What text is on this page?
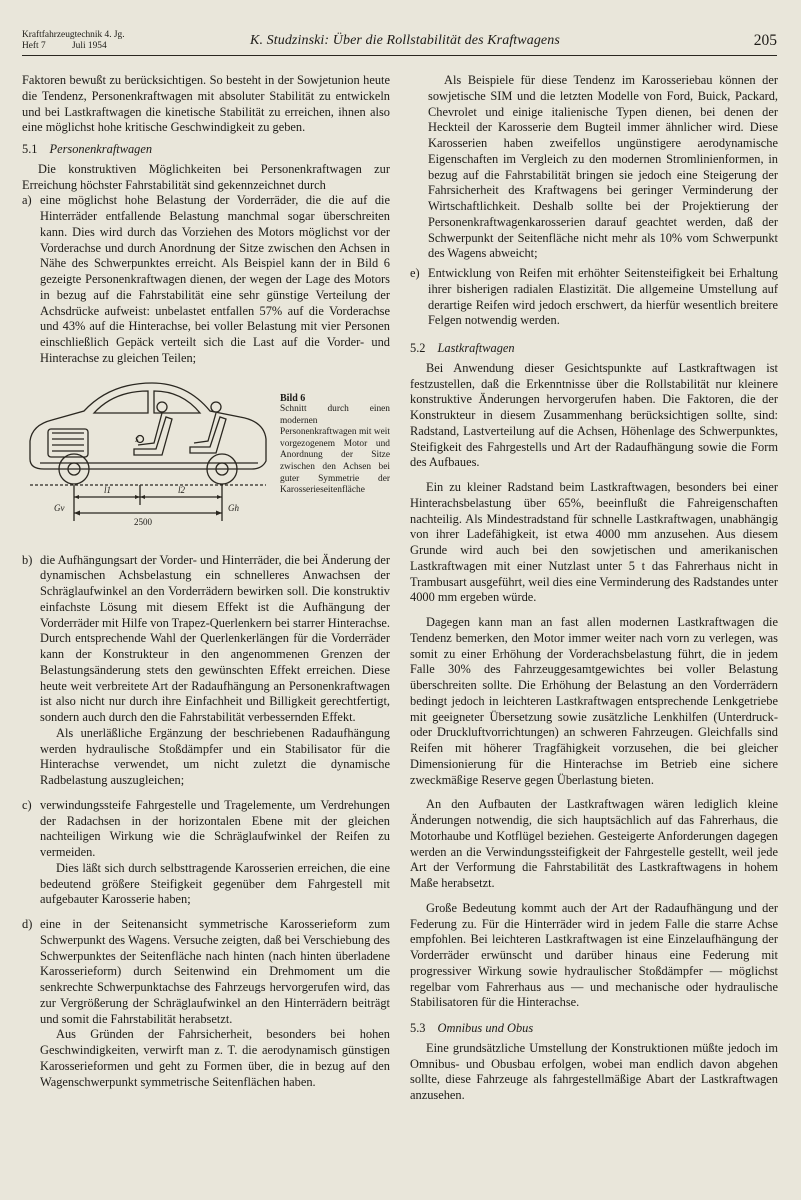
Kraftfahrzeugtechnik 4. Jg.
Heft 7	Juli 1954	K. Studzinski: Über die Rollstabilität des Kraftwagens	205

Faktoren bewußt zu berücksichtigen. So besteht in der Sowjetunion heute die Tendenz, Personenkraftwagen mit absoluter Stabilität zu entwickeln und bei Lastkraftwagen die kinetische Stabilität zu erreichen, ihnen also eine möglichst hohe kritische Geschwindigkeit zu geben.

5.1 Personenkraftwagen

Die konstruktiven Möglichkeiten bei Personenkraftwagen zur Erreichung höchster Fahrstabilität sind gekennzeichnet durch

a) eine möglichst hohe Belastung der Vorderräder, die die auf die Hinterräder entfallende Belastung manchmal sogar überschreiten kann. Dies wird durch das Vorziehen des Motors möglichst vor der Vorderachse und durch Anordnung der Sitze zwischen den Achsen in Nähe des Schwerpunktes erreicht. Als Beispiel kann der in Bild 6 gezeigte Personenkraftwagen dienen, der wegen der Lage des Motors in bezug auf die Fahrstabilität eine sehr günstige Verteilung der Achsdrücke aufweist: unbelastet entfallen 57% auf die Vorderachse und 43% auf die Hinterachse, bei voller Belastung mit vier Personen einschließlich Gepäck verteilt sich die Last auf die Vorder- und Hinterachse zu gleichen Teilen;
Gv	Gh
l1	l2
S
2500
Bild 6
Schnitt durch einen modernen Personenkraftwagen mit weit vorgezogenem Motor und Anordnung der Sitze zwischen den Achsen bei guter Symmetrie der Karosserieseitenfläche
b) die Aufhängungsart der Vorder- und Hinterräder, die bei Änderung der dynamischen Achsbelastung ein schnelleres Anwachsen der Schräglaufwinkel an den Vorderrädern bewirken soll. Die konstruktiv einfachste Lösung mit diesem Effekt ist die Aufhängung der Vorderräder mit Hilfe von Trapez-Querlenkern bei starrer Hinterachse. Durch entsprechende Wahl der Querlenkerlängen für die Vorderräder kann der Konstrukteur in den angenommenen Grenzen der Belastungsänderung stets den gewünschten Effekt erreichen. Diese heute weit verbreitete Art der Radaufhängung an Personenkraftwagen ist also nicht nur durch ihre Einfachheit und Billigkeit gerechtfertigt, sondern auch durch den die Fahrstabilität verbessernden Effekt.

Als unerläßliche Ergänzung der beschriebenen Radaufhängung werden hydraulische Stoßdämpfer und ein Stabilisator für die Hinterachse verwendet, um nicht zuletzt die dynamische Radbelastung auszugleichen;

c) verwindungssteife Fahrgestelle und Tragelemente, um Verdrehungen der Radachsen in der horizontalen Ebene mit der gleichen nachteiligen Wirkung wie die Schräglaufwinkel der Reifen zu vermeiden.

Dies läßt sich durch selbsttragende Karosserien erreichen, die eine bedeutend größere Steifigkeit gegenüber dem Fahrgestell mit aufgebauter Karosserie haben;

d) eine in der Seitenansicht symmetrische Karosserieform zum Schwerpunkt des Wagens. Versuche zeigten, daß bei Verschiebung des Schwerpunktes der Seitenfläche nach hinten (nach hinten überladene Karosserieform) durch Seitenwind ein Drehmoment um die senkrechte Schwerpunktachse des Fahrzeugs hervorgerufen wird, das zur Vergrößerung der Schräglaufwinkel an den Hinterrädern beiträgt und somit die Fahrstabilität herabsetzt.

Aus Gründen der Fahrsicherheit, besonders bei hohen Geschwindigkeiten, verwirft man z. T. die aerodynamisch günstigen Karosserieformen und geht zu Formen über, die in bezug auf den Wagenschwerpunkt symmetrische Seitenflächen haben.

Als Beispiele für diese Tendenz im Karosseriebau können der sowjetische SIM und die letzten Modelle von Ford, Buick, Packard, Chevrolet und einige italienische Typen dienen, bei denen der Heckteil der Karosserie dem Bugteil immer ähnlicher wird. Diese Karosserien haben zweifellos ungünstigere aerodynamische Eigenschaften im Vergleich zu den modernen Stromlinienformen, in bezug auf die Fahrstabilität bringen sie jedoch eine Steigerung der Fahrsicherheit des Kraftwagens bei geringer Verminderung der Wirtschaftlichkeit. Deshalb sollte bei der Projektierung der Personenkraftwagenkarosserien darauf geachtet werden, daß der Schwerpunkt der Seitenfläche nicht mehr als 10% vom Schwerpunkt des Wagens abweicht;

e) Entwicklung von Reifen mit erhöhter Seitensteifigkeit bei Erhaltung ihrer bisherigen radialen Elastizität. Die allgemeine Umstellung auf derartige Reifen wird jedoch erschwert, da hierfür wesentlich breitere Felgen notwendig werden.
5.2 Lastkraftwagen

Bei Anwendung dieser Gesichtspunkte auf Lastkraftwagen ist festzustellen, daß die Erkenntnisse über die Rollstabilität nur kleinere konstruktive Änderungen hervorgerufen haben. Die Faktoren, die der Konstrukteur in diesem Zusammenhang berücksichtigen sollte, sind: Radstand, Lastverteilung auf die Achsen, Höhenlage des Schwerpunktes, Steifigkeit des Fahrgestells und Art der Radaufhängung sowie die Form des Aufbaues.

Ein zu kleiner Radstand beim Lastkraftwagen, besonders bei einer Hinterachsbelastung über 65%, beeinflußt die Fahreigenschaften nachteilig. Als Mindestradstand für schnelle Lastkraftwagen, unabhängig von ihrer Ladefähigkeit, ist etwa 4000 mm anzusehen. Aus diesem Grunde wird auch bei den sowjetischen und amerikanischen Lastkraftwagen mit einer Nutzlast unter 5 t das Fahrerhaus nicht in Trambusart ausgeführt, weil dies eine Verminderung des Radstandes unter 4000 mm ergeben würde.

Dagegen kann man an fast allen modernen Lastkraftwagen die Tendenz bemerken, den Motor immer weiter nach vorn zu verlegen, was somit zu einer Erhöhung der Vorderachsbelastung führt, die in jedem Falle 30% des Fahrzeuggesamtgewichtes bei voller Belastung überschreiten sollte. Die Erhöhung der Belastung an den Vorderrädern bedingt jedoch in leichteren Lastkraftwagen entsprechende Lenkgetriebe mit geeigneter Übersetzung sowie zusätzliche Lenkhilfen (Unterdruck- oder Druckluftvorrichtungen) an schweren Fahrzeugen. Gleichfalls sind Reifen mit höherer Tragfähigkeit vorzusehen, die bei gleicher Dimensionierung für die Hinterachse im Betrieb eine sichere zweckmäßige Reserve gegen Überlastung bieten.

An den Aufbauten der Lastkraftwagen wären lediglich kleine Änderungen notwendig, die sich hauptsächlich auf das Fahrerhaus, die Motorhaube und Kotflügel beziehen. Gesteigerte Anforderungen dagegen werden an die Verwindungssteifigkeit der Fahrgestelle gestellt, weil jede Art der Verformung die Fahrstabilität des Lastkraftwagens in hohem Maße herabsetzt.

Große Bedeutung kommt auch der Art der Radaufhängung und der Federung zu. Für die Hinterräder wird in jedem Falle die starre Achse empfohlen. Bei leichteren Lastkraftwagen ist eine Einzelaufhängung der Vorderräder erwünscht und darüber hinaus eine Federung mit progressiver Wirkung sowie hydraulischer Stoßdämpfer — möglichst regelbar vom Fahrerhaus aus — und mechanische oder hydraulische Stabilisatoren für die Hinterachse.

5.3 Omnibus und Obus

Eine grundsätzliche Umstellung der Konstruktionen müßte jedoch im Omnibus- und Obusbau erfolgen, wobei man endlich davon abgehen sollte, diese Fahrzeuge als fahrgestellmäßige Abart der Lastkraftwagen anzusehen.
